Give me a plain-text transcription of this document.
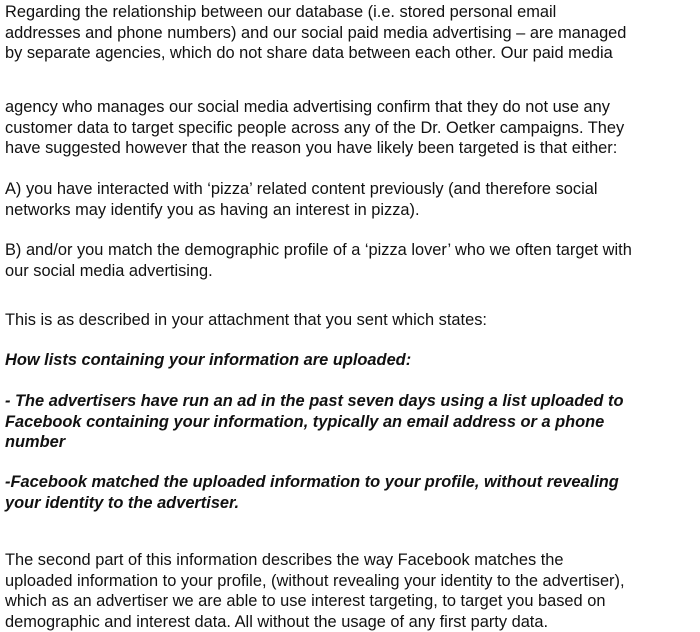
Regarding the relationship between our database (i.e. stored personal email
addresses and phone numbers) and our social paid media advertising – are managed
by separate agencies, which do not share data between each other. Our paid media

agency who manages our social media advertising confirm that they do not use any
customer data to target specific people across any of the Dr. Oetker campaigns. They
have suggested however that the reason you have likely been targeted is that either:

A) you have interacted with ‘pizza’ related content previously (and therefore social
networks may identify you as having an interest in pizza).

B) and/or you match the demographic profile of a ‘pizza lover’ who we often target with
our social media advertising.

This is as described in your attachment that you sent which states:

How lists containing your information are uploaded:

- The advertisers have run an ad in the past seven days using a list uploaded to
Facebook containing your information, typically an email address or a phone
number

-Facebook matched the uploaded information to your profile, without revealing
your identity to the advertiser.

The second part of this information describes the way Facebook matches the
uploaded information to your profile, (without revealing your identity to the advertiser),
which as an advertiser we are able to use interest targeting, to target you based on
demographic and interest data. All without the usage of any first party data.
